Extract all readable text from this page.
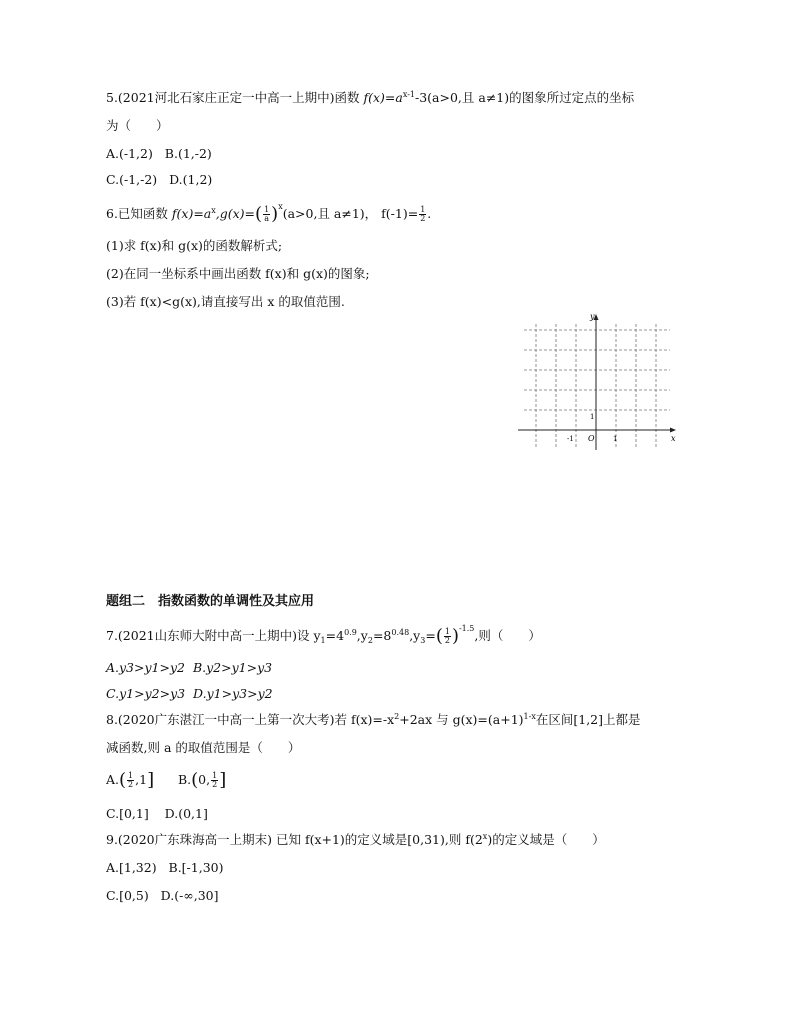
5.(2021河北石家庄正定一中高一上期中)函数 $f(x)=a^{x-1}-3(a>0$,且 a≠1)的图象所过定点的坐标
为（　　）
A.(-1,2) B.(1,-2)
C.(-1,-2) D.(1,2)
6.已知函数 $f(x)=a^x,g(x)=( \frac{1}{a} )^x(a>0$,且 a≠1)， $f(-1)= \frac{1}{2}$ .
(1)求 f(x)和 g(x)的函数解析式;
(2)在同一坐标系中画出函数 f(x)和 g(x)的图象;
(3)若 f(x)<g(x),请直接写出 x 的取值范围.
y
x
O
1
-1	1
题组二　指数函数的单调性及其应用
7.(2021山东师大附中高一上期中)设 $y_1=4^{0.9},y_2=8^{0.48},y_3=( \frac{1}{2} )^{-1.5}$,则（　　）
A.y3>y1>y2 B.y2>y1>y3
C.y1>y2>y3 D.y1>y3>y2
8.(2020广东湛江一中高一上第一次大考)若 $f(x)=-x^2+2ax$ 与 $g(x)=(a+1)^{1-x}$在区间[1,2]上都是
减函数,则 a 的取值范围是（　　）
$A.( \frac{1}{2} ,1]$ B.(0, $\frac{1}{2}$ ]
C.[0,1] D.(0,1]
9.(2020广东珠海高一上期末) 已知 f(x+1)的定义域是[0,31),则 f(2$^x$)的定义域是（　　）
A.[1,32) B.[-1,30)
C.[0,5) D.(-∞,30]
